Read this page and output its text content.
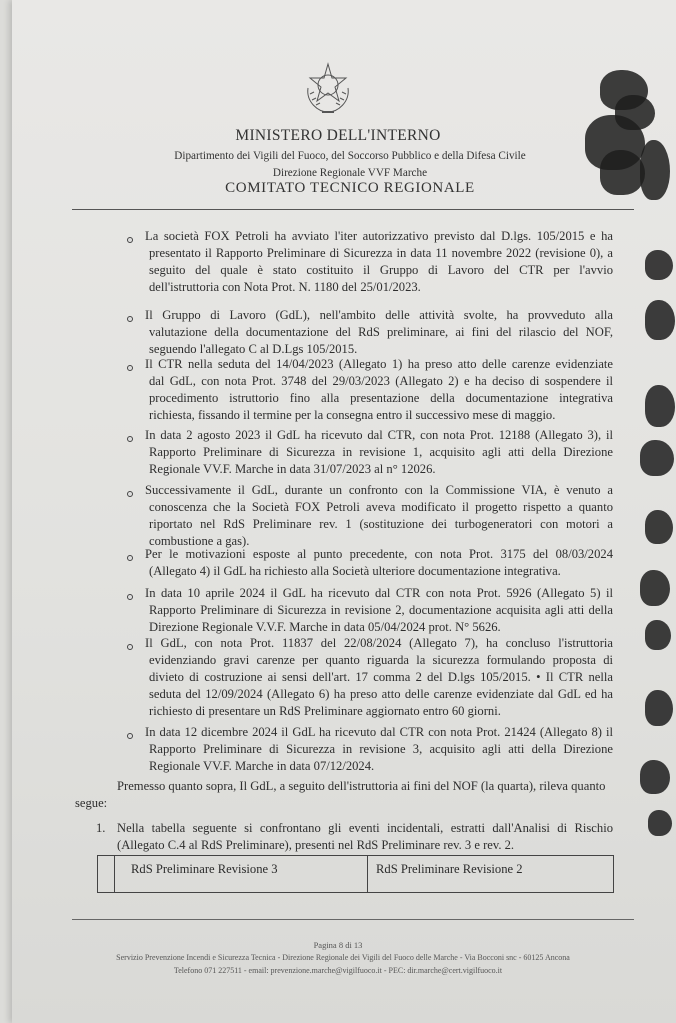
MINISTERO DELL'INTERNO
Dipartimento dei Vigili del Fuoco, del Soccorso Pubblico e della Difesa Civile
Direzione Regionale VVF Marche
COMITATO TECNICO REGIONALE
La società FOX Petroli ha avviato l'iter autorizzativo previsto dal D.lgs. 105/2015 e ha
presentato il Rapporto Preliminare di Sicurezza in data 11 novembre 2022 (revisione 0), a
seguito del quale è stato costituito il Gruppo di Lavoro del CTR per l'avvio
dell'istruttoria con Nota Prot. N. 1180 del 25/01/2023.
Il Gruppo di Lavoro (GdL), nell'ambito delle attività svolte, ha provveduto alla
valutazione della documentazione del RdS preliminare, ai fini del rilascio del NOF,
seguendo l'allegato C al D.Lgs 105/2015.
Il CTR nella seduta del 14/04/2023 (Allegato 1) ha preso atto delle carenze evidenziate
dal GdL, con nota Prot. 3748 del 29/03/2023 (Allegato 2) e ha deciso di sospendere il
procedimento istruttorio fino alla presentazione della documentazione integrativa
richiesta, fissando il termine per la consegna entro il successivo mese di maggio.
In data 2 agosto 2023 il GdL ha ricevuto dal CTR, con nota Prot. 12188 (Allegato 3), il
Rapporto Preliminare di Sicurezza in revisione 1, acquisito agli atti della Direzione
Regionale VV.F. Marche in data 31/07/2023 al n° 12026.
Successivamente il GdL, durante un confronto con la Commissione VIA, è venuto a
conoscenza che la Società FOX Petroli aveva modificato il progetto rispetto a quanto
riportato nel RdS Preliminare rev. 1 (sostituzione dei turbogeneratori con motori a
combustione a gas).
Per le motivazioni esposte al punto precedente, con nota Prot. 3175 del 08/03/2024
(Allegato 4) il GdL ha richiesto alla Società ulteriore documentazione integrativa.
In data 10 aprile 2024 il GdL ha ricevuto dal CTR con nota Prot. 5926 (Allegato 5) il
Rapporto Preliminare di Sicurezza in revisione 2, documentazione acquisita agli atti della
Direzione Regionale V.V.F. Marche in data 05/04/2024 prot. N° 5626.
Il GdL, con nota Prot. 11837 del 22/08/2024 (Allegato 7), ha concluso l'istruttoria
evidenziando gravi carenze per quanto riguarda la sicurezza formulando proposta di
divieto di costruzione ai sensi dell'art. 17 comma 2 del D.lgs 105/2015. • Il CTR nella
seduta del 12/09/2024 (Allegato 6) ha preso atto delle carenze evidenziate dal GdL ed ha
richiesto di presentare un RdS Preliminare aggiornato entro 60 giorni.
In data 12 dicembre 2024 il GdL ha ricevuto dal CTR con nota Prot. 21424 (Allegato 8) il
Rapporto Preliminare di Sicurezza in revisione 3, acquisito agli atti della Direzione
Regionale VV.F. Marche in data 07/12/2024.
Premesso quanto sopra, Il GdL, a seguito dell'istruttoria ai fini del NOF (la quarta), rileva quanto
segue:
1. Nella tabella seguente si confrontano gli eventi incidentali, estratti dall'Analisi di Rischio
(Allegato C.4 al RdS Preliminare), presenti nel RdS Preliminare rev. 3 e rev. 2.
RdS Preliminare Revisione 3	RdS Preliminare Revisione 2
Pagina 8 di 13
Servizio Prevenzione Incendi e Sicurezza Tecnica - Direzione Regionale dei Vigili del Fuoco delle Marche - Via Bocconi snc - 60125 Ancona
Telefono 071 227511 - email: prevenzione.marche@vigilfuoco.it - PEC: dir.marche@cert.vigilfuoco.it
